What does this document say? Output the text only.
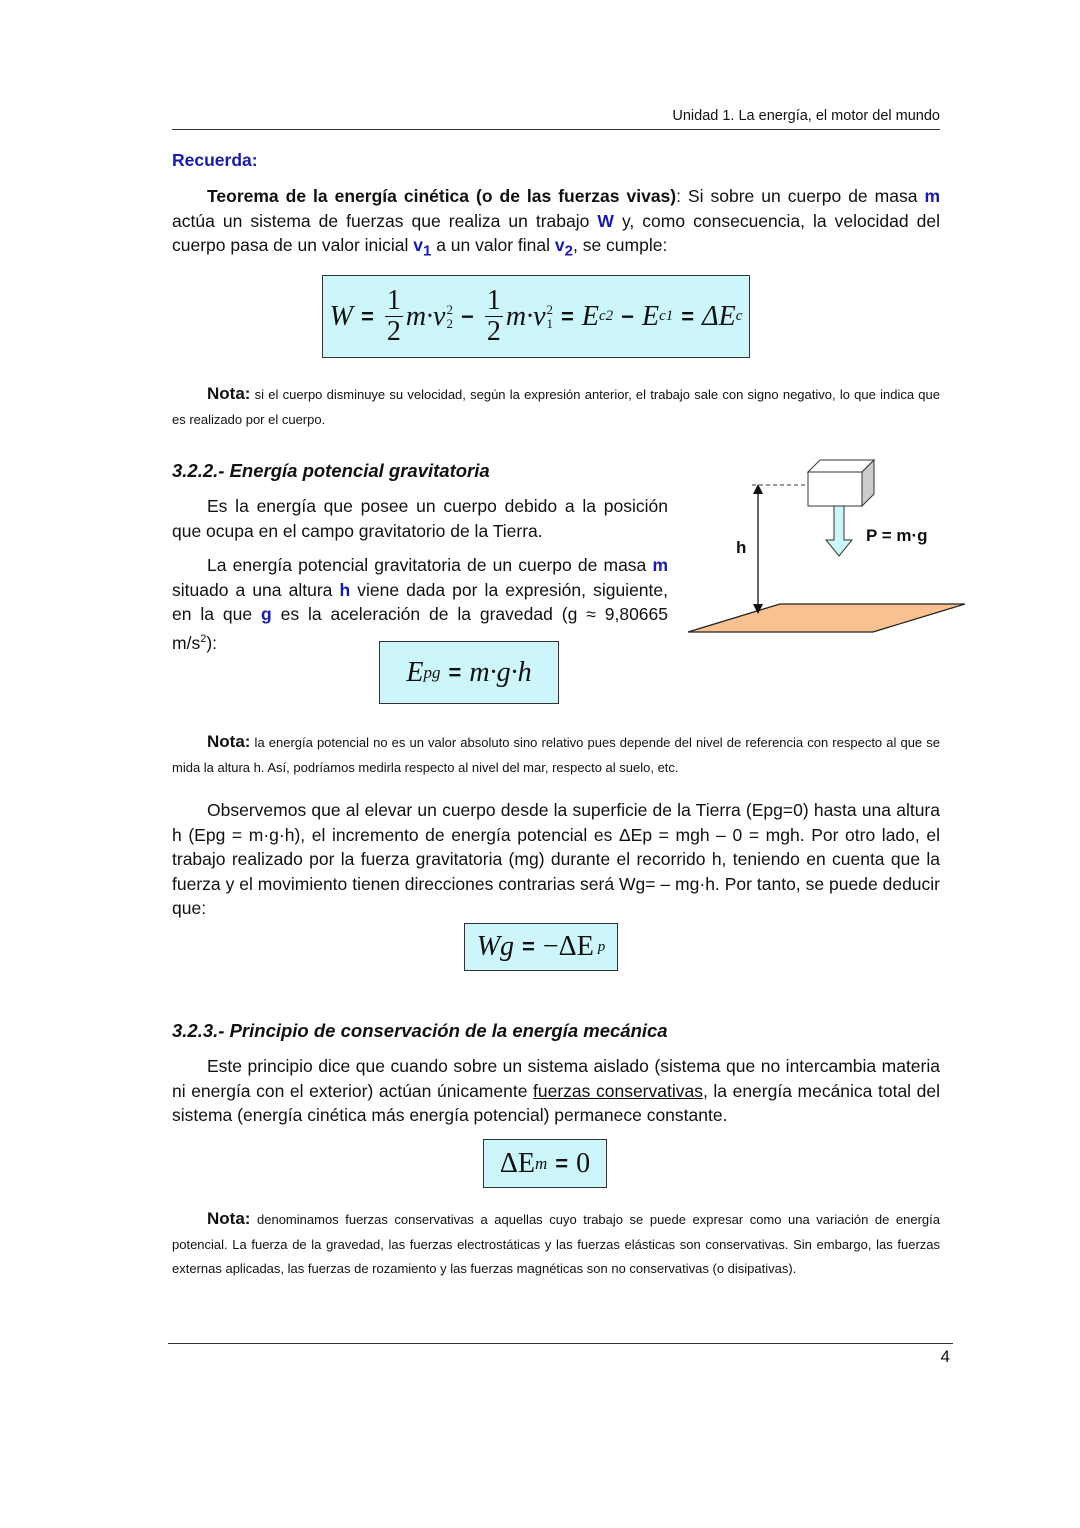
Unidad 1. La energía, el motor del mundo
Recuerda:
Teorema de la energía cinética (o de las fuerzas vivas): Si sobre un cuerpo de masa m actúa un sistema de fuerzas que realiza un trabajo W y, como consecuencia, la velocidad del cuerpo pasa de un valor inicial $v_1$ a un valor final $v_2$, se cumple:
$W = \frac{1}{2} m\cdot v$ 2
$2 - \frac{1}{2} m\cdot v$ 2
1 = E c2 − E c1 = ΔE c
Nota: si el cuerpo disminuye su velocidad, según la expresión anterior, el trabajo sale con signo negativo, lo que indica que es realizado por el cuerpo.
3.2.2.- Energía potencial gravitatoria
Es la energía que posee un cuerpo debido a la posición que ocupa en el campo gravitatorio de la Tierra.
La energía potencial gravitatoria de un cuerpo de masa m situado a una altura h viene dada por la expresión, siguiente, en la que g es la aceleración de la gravedad (g ≈ 9,80665 $m/s^2$):
E pg = m·g·h
h
P = m·g
Nota: la energía potencial no es un valor absoluto sino relativo pues depende del nivel de referencia con respecto al que se mida la altura h. Así, podríamos medirla respecto al nivel del mar, respecto al suelo, etc.
Observemos que al elevar un cuerpo desde la superficie de la Tierra (Epg=0) hasta una altura h (Epg = m·g·h), el incremento de energía potencial es ΔEp = mgh – 0 = mgh. Por otro lado, el trabajo realizado por la fuerza gravitatoria (mg) durante el recorrido h, teniendo en cuenta que la fuerza y el movimiento tienen direcciones contrarias será Wg= – mg·h. Por tanto, se puede deducir que:
Wg = −ΔE p
3.2.3.- Principio de conservación de la energía mecánica
Este principio dice que cuando sobre un sistema aislado (sistema que no intercambia materia ni energía con el exterior) actúan únicamente fuerzas conservativas, la energía mecánica total del sistema (energía cinética más energía potencial) permanece constante.
ΔE m = 0
Nota: denominamos fuerzas conservativas a aquellas cuyo trabajo se puede expresar como una variación de energía potencial. La fuerza de la gravedad, las fuerzas electrostáticas y las fuerzas elásticas son conservativas. Sin embargo, las fuerzas externas aplicadas, las fuerzas de rozamiento y las fuerzas magnéticas son no conservativas (o disipativas).
4
